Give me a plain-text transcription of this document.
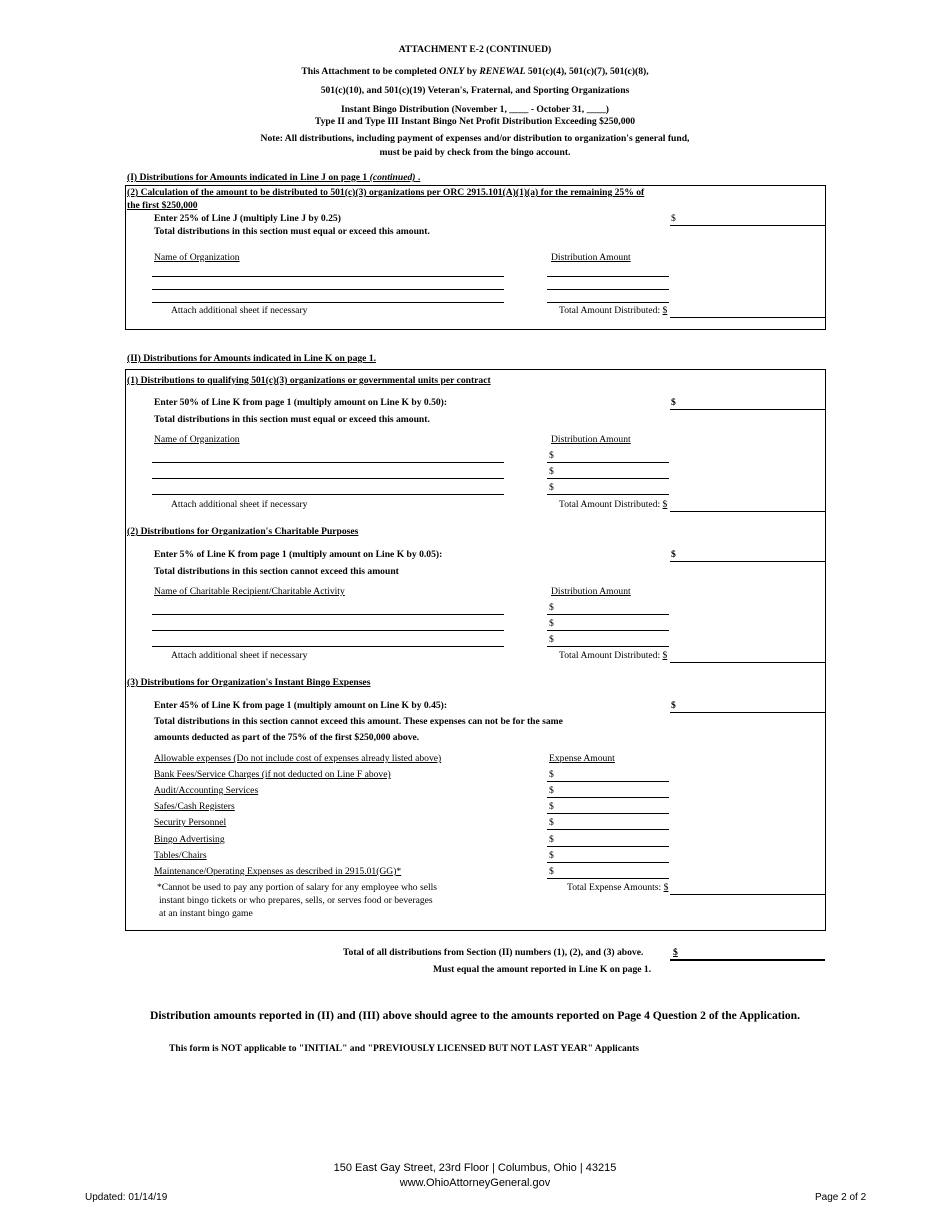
ATTACHMENT E-2 (CONTINUED)
This Attachment to be completed ONLY by RENEWAL 501(c)(4), 501(c)(7), 501(c)(8),
501(c)(10), and 501(c)(19) Veteran's, Fraternal, and Sporting Organizations
Instant Bingo Distribution (November 1, ____ - October 31, ____)
Type II and Type III Instant Bingo Net Profit Distribution Exceeding $250,000
Note: All distributions, including payment of expenses and/or distribution to organization's general fund,
must be paid by check from the bingo account.
(I) Distributions for Amounts indicated in Line J on page 1 (continued) .
(2) Calculation of the amount to be distributed to 501(c)(3) organizations per ORC 2915.101(A)(1)(a) for the remaining 25% of
the first $250,000
Enter 25% of Line J (multiply Line J by 0.25)	$
Total distributions in this section must equal or exceed this amount.
Name of Organization	Distribution Amount
Attach additional sheet if necessary	Total Amount Distributed: $
(II) Distributions for Amounts indicated in Line K on page 1.
(1) Distributions to qualifying 501(c)(3) organizations or governmental units per contract
Enter 50% of Line K from page 1 (multiply amount on Line K by 0.50):	$
Total distributions in this section must equal or exceed this amount.
Name of Organization	Distribution Amount
$
$
$
Attach additional sheet if necessary	Total Amount Distributed: $
(2) Distributions for Organization's Charitable Purposes
Enter 5% of Line K from page 1 (multiply amount on Line K by 0.05):	$
Total distributions in this section cannot exceed this amount
Name of Charitable Recipient/Charitable Activity	Distribution Amount
$
$
$
Attach additional sheet if necessary	Total Amount Distributed: $
(3) Distributions for Organization's Instant Bingo Expenses
Enter 45% of Line K from page 1 (multiply amount on Line K by 0.45):	$
Total distributions in this section cannot exceed this amount. These expenses can not be for the same
amounts deducted as part of the 75% of the first $250,000 above.
Allowable expenses (Do not include cost of expenses already listed above)	Expense Amount
Bank Fees/Service Charges (if not deducted on Line F above)	$
Audit/Accounting Services	$
Safes/Cash Registers	$
Security Personnel	$
Bingo Advertising	$
Tables/Chairs	$
Maintenance/Operating Expenses as described in 2915.01(GG)*	$
*Cannot be used to pay any portion of salary for any employee who sells
instant bingo tickets or who prepares, sells, or serves food or beverages
at an instant bingo game
Total Expense Amounts: $
Total of all distributions from Section (II) numbers (1), (2), and (3) above.	$
Must equal the amount reported in Line K on page 1.
Distribution amounts reported in (II) and (III) above should agree to the amounts reported on Page 4 Question 2 of the Application.
This form is NOT applicable to "INITIAL" and "PREVIOUSLY LICENSED BUT NOT LAST YEAR" Applicants
150 East Gay Street, 23rd Floor | Columbus, Ohio | 43215
www.OhioAttorneyGeneral.gov
Updated: 01/14/19	Page 2 of 2
